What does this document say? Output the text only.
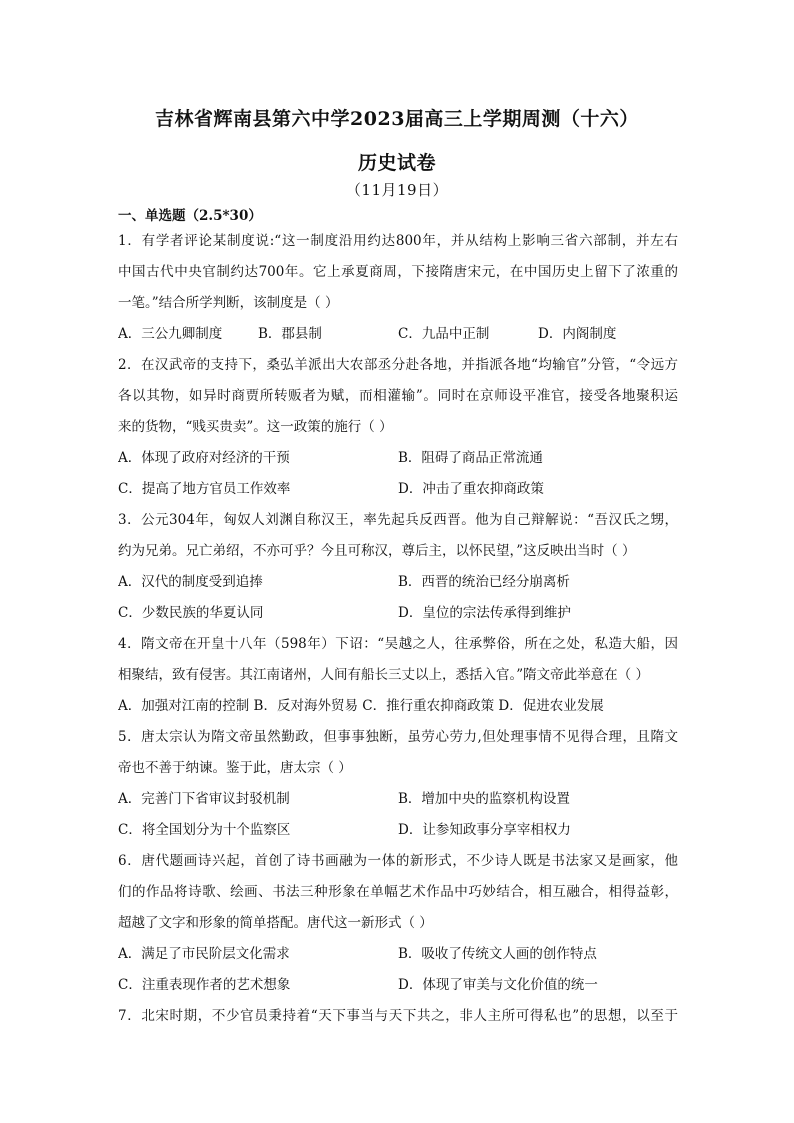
吉林省辉南县第六中学2023届高三上学期周测（十六）
历史试卷
（11月19日）
一、单选题（2.5*30）
1．有学者评论某制度说:“这一制度沿用约达800年，并从结构上影响三省六部制，并左右
中国古代中央官制约达700年。它上承夏商周，下接隋唐宋元，在中国历史上留下了浓重的
一笔。”结合所学判断，该制度是（ ）
A．三公九卿制度	B．郡县制	C．九品中正制	D．内阁制度
2．在汉武帝的支持下，桑弘羊派出大农部丞分赴各地，并指派各地“均输官”分管，“令远方
各以其物，如异时商贾所转贩者为赋，而相灌输”。同时在京师设平准官，接受各地聚积运
来的货物，“贱买贵卖”。这一政策的施行（ ）
A．体现了政府对经济的干预	B．阻碍了商品正常流通
C．提高了地方官员工作效率	D．冲击了重农抑商政策
3．公元304年，匈奴人刘渊自称汉王，率先起兵反西晋。他为自己辩解说：“吾汉氏之甥，
约为兄弟。兄亡弟绍，不亦可乎？今且可称汉，尊后主，以怀民望，”这反映出当时（ ）
A．汉代的制度受到追捧	B．西晋的统治已经分崩离析
C．少数民族的华夏认同	D．皇位的宗法传承得到维护
4．隋文帝在开皇十八年（598年）下诏：“吴越之人，往承弊俗，所在之处，私造大船，因
相聚结，致有侵害。其江南诸州，人间有船长三丈以上，悉括入官。”隋文帝此举意在（ ）
A．加强对江南的控制 B．反对海外贸易 C．推行重农抑商政策 D．促进农业发展
5．唐太宗认为隋文帝虽然勤政，但事事独断，虽劳心劳力,但处理事情不见得合理，且隋文
帝也不善于纳谏。鉴于此，唐太宗（ ）
A．完善门下省审议封驳机制	B．增加中央的监察机构设置
C．将全国划分为十个监察区	D．让参知政事分享宰相权力
6．唐代题画诗兴起，首创了诗书画融为一体的新形式，不少诗人既是书法家又是画家，他
们的作品将诗歌、绘画、书法三种形象在单幅艺术作品中巧妙结合，相互融合，相得益彰，
超越了文字和形象的简单搭配。唐代这一新形式（ ）
A．满足了市民阶层文化需求	B．吸收了传统文人画的创作特点
C．注重表现作者的艺术想象	D．体现了审美与文化价值的统一
7．北宋时期，不少官员秉持着“天下事当与天下共之，非人主所可得私也”的思想，以至于
